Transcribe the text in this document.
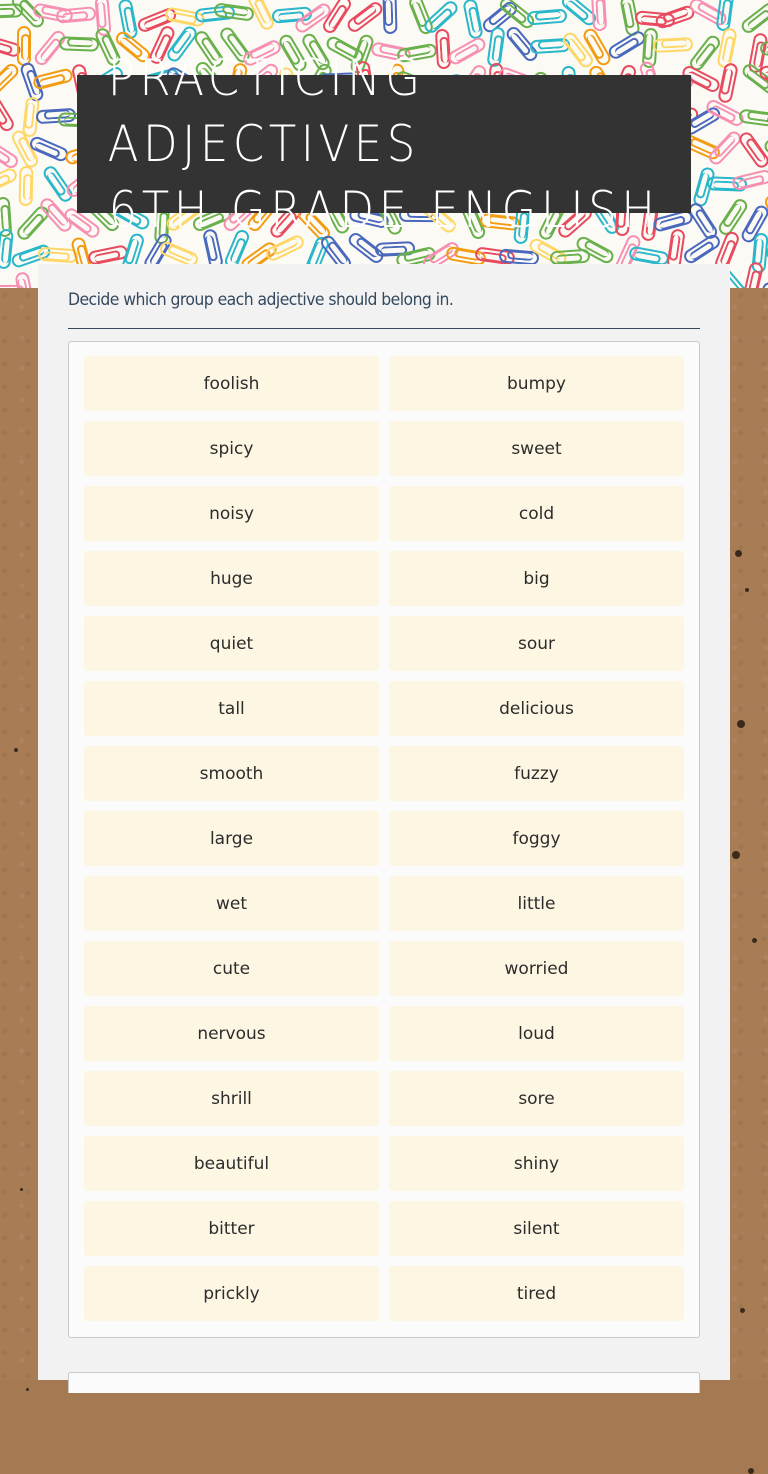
PRACTICING ADJECTIVES
6TH GRADE ENGLISH
Decide which group each adjective should belong in.
foolish	bumpy
spicy	sweet
noisy	cold
huge	big
quiet	sour
tall	delicious
smooth	fuzzy
large	foggy
wet	little
cute	worried
nervous	loud
shrill	sore
beautiful	shiny
bitter	silent
prickly	tired
